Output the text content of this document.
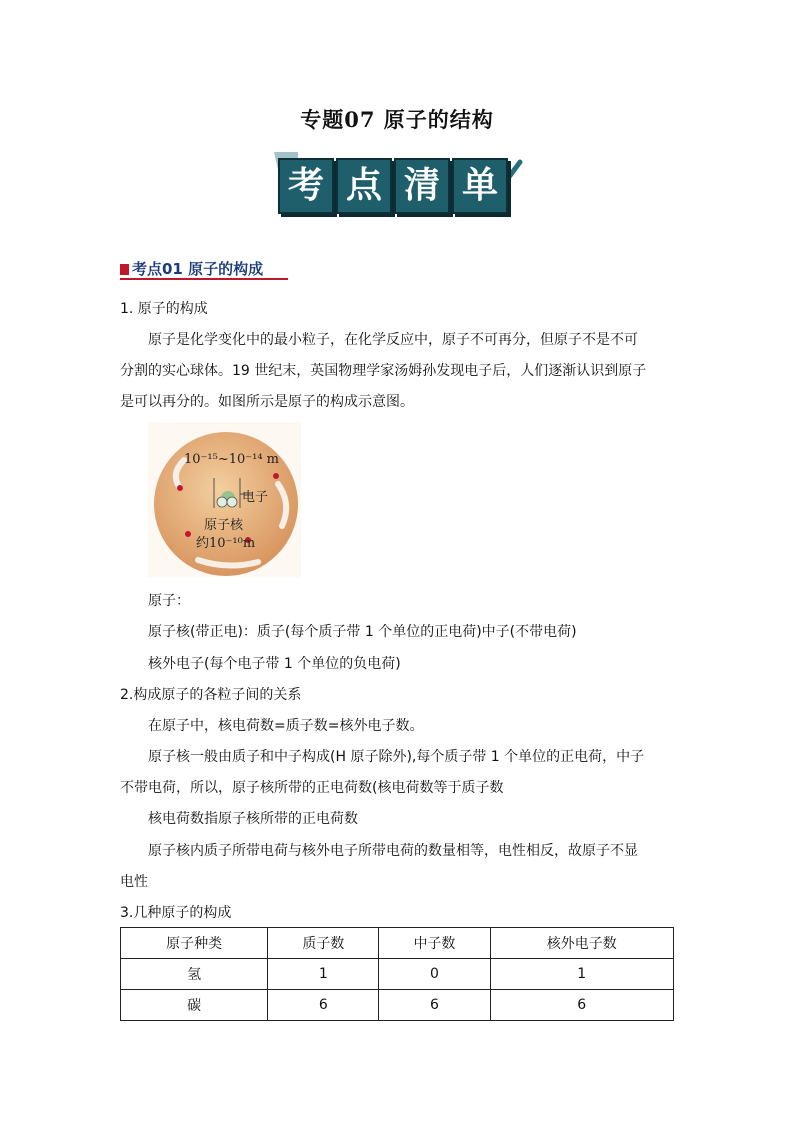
专题07 原子的结构
考 点 清 单
考点01 原子的构成
1. 原子的构成
原子是化学变化中的最小粒子，在化学反应中，原子不可再分，但原子不是不可
分割的实心球体。19 世纪末，英国物理学家汤姆孙发现电子后，人们逐渐认识到原子
是可以再分的。如图所示是原子的构成示意图。
10⁻¹⁵~10⁻¹⁴ m
电子
原子核
约10⁻¹⁰m
原子：
原子核(带正电)：质子(每个质子带 1 个单位的正电荷)中子(不带电荷)
核外电子(每个电子带 1 个单位的负电荷)
2.构成原子的各粒子间的关系
在原子中，核电荷数=质子数=核外电子数。
原子核一般由质子和中子构成(H 原子除外),每个质子带 1 个单位的正电荷，中子
不带电荷，所以，原子核所带的正电荷数(核电荷数等于质子数
核电荷数指原子核所带的正电荷数
原子核内质子所带电荷与核外电子所带电荷的数量相等，电性相反，故原子不显
电性
3.几种原子的构成
原子种类	质子数	中子数	核外电子数
氢	1	0	1
碳	6	6	6
